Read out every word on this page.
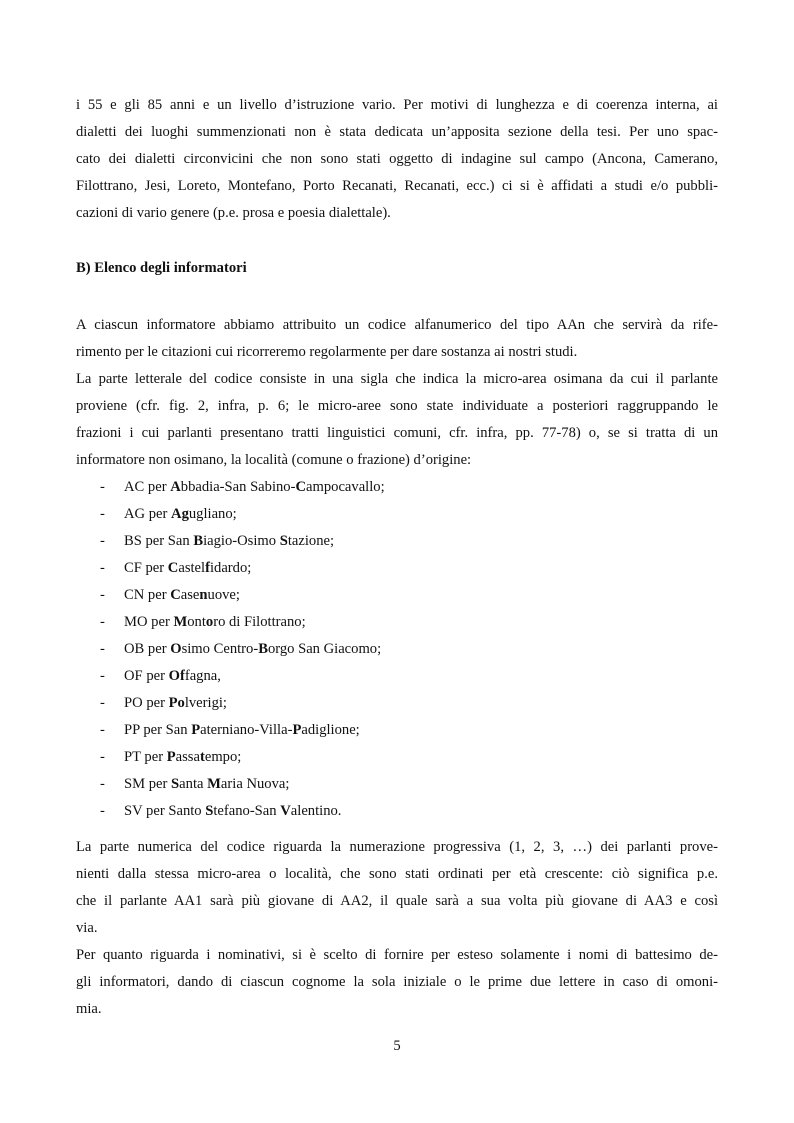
i 55 e gli 85 anni e un livello d’istruzione vario. Per motivi di lunghezza e di coerenza interna, ai
dialetti dei luoghi summenzionati non è stata dedicata un’apposita sezione della tesi. Per uno spac-
cato dei dialetti circonvicini che non sono stati oggetto di indagine sul campo (Ancona, Camerano,
Filottrano, Jesi, Loreto, Montefano, Porto Recanati, Recanati, ecc.) ci si è affidati a studi e/o pubbli-
cazioni di vario genere (p.e. prosa e poesia dialettale).
B) Elenco degli informatori
A ciascun informatore abbiamo attribuito un codice alfanumerico del tipo AAn che servirà da rife-
rimento per le citazioni cui ricorreremo regolarmente per dare sostanza ai nostri studi.
La parte letterale del codice consiste in una sigla che indica la micro-area osimana da cui il parlante
proviene (cfr. fig. 2, infra, p. 6; le micro-aree sono state individuate a posteriori raggruppando le
frazioni i cui parlanti presentano tratti linguistici comuni, cfr. infra, pp. 77-78) o, se si tratta di un
informatore non osimano, la località (comune o frazione) d’origine:
- AC per Abbadia-San Sabino-Campocavallo;
- AG per Agugliano;
- BS per San Biagio-Osimo Stazione;
- CF per Castelfidardo;
- CN per Casenuove;
- MO per Montoro di Filottrano;
- OB per Osimo Centro-Borgo San Giacomo;
- OF per Offagna,
- PO per Polverigi;
- PP per San Paterniano-Villa-Padiglione;
- PT per Passatempo;
- SM per Santa Maria Nuova;
- SV per Santo Stefano-San Valentino.
La parte numerica del codice riguarda la numerazione progressiva (1, 2, 3, …) dei parlanti prove-
nienti dalla stessa micro-area o località, che sono stati ordinati per età crescente: ciò significa p.e.
che il parlante AA1 sarà più giovane di AA2, il quale sarà a sua volta più giovane di AA3 e così
via.
Per quanto riguarda i nominativi, si è scelto di fornire per esteso solamente i nomi di battesimo de-
gli informatori, dando di ciascun cognome la sola iniziale o le prime due lettere in caso di omoni-
mia.
5
